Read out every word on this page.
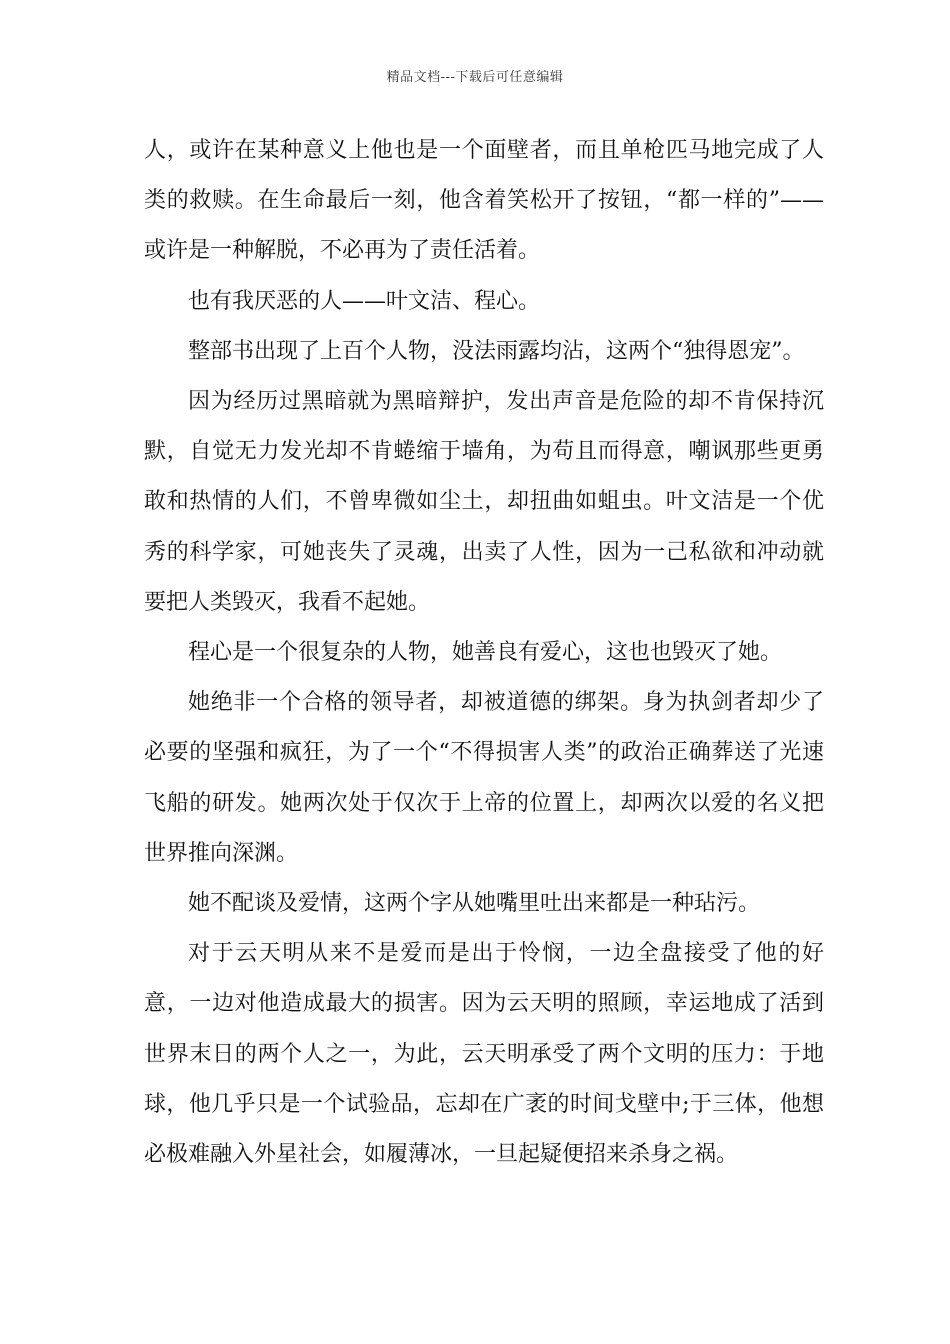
精品文档---下载后可任意编辑

人，或许在某种意义上他也是一个面壁者，而且单枪匹马地完成了人类的救赎。在生命最后一刻，他含着笑松开了按钮，“都一样的”——或许是一种解脱，不必再为了责任活着。

也有我厌恶的人——叶文洁、程心。

整部书出现了上百个人物，没法雨露均沾，这两个“独得恩宠”。

因为经历过黑暗就为黑暗辩护，发出声音是危险的却不肯保持沉默，自觉无力发光却不肯蜷缩于墙角，为苟且而得意，嘲讽那些更勇敢和热情的人们，不曾卑微如尘土，却扭曲如蛆虫。叶文洁是一个优秀的科学家，可她丧失了灵魂，出卖了人性，因为一己私欲和冲动就要把人类毁灭，我看不起她。

程心是一个很复杂的人物，她善良有爱心，这也也毁灭了她。

她绝非一个合格的领导者，却被道德的绑架。身为执剑者却少了必要的坚强和疯狂，为了一个“不得损害人类”的政治正确葬送了光速飞船的研发。她两次处于仅次于上帝的位置上，却两次以爱的名义把世界推向深渊。

她不配谈及爱情，这两个字从她嘴里吐出来都是一种玷污。

对于云天明从来不是爱而是出于怜悯，一边全盘接受了他的好意，一边对他造成最大的损害。因为云天明的照顾，幸运地成了活到世界末日的两个人之一，为此，云天明承受了两个文明的压力：于地球，他几乎只是一个试验品，忘却在广袤的时间戈壁中;于三体，他想必极难融入外星社会，如履薄冰，一旦起疑便招来杀身之祸。
